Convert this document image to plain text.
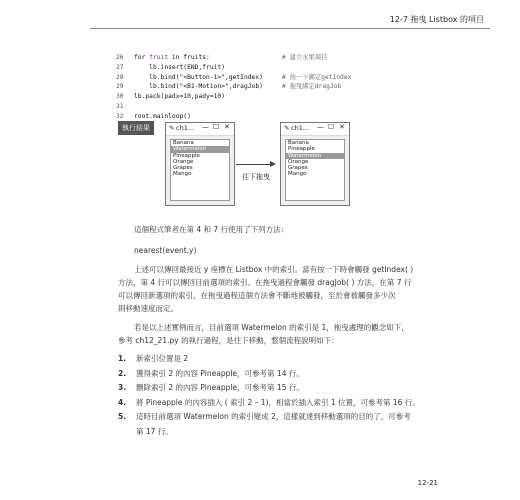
12-7 拖曳 Listbox 的項目
26 for fruit in fruits:	# 建立水果項目
27    lb.insert(END,fruit)
28    lb.bind("<Button-1>",getIndex)	# 按一下綁定getIndex
29    lb.bind("<B1-Motion>",dragJob)	# 拖曳綁定dragJob
30 lb.pack(padx=10,pady=10)
31
32 root.mainloop()
執行結果	✎ ch1... — ☐ ✕
Banana
Watermelon
Pineapple
Orange
Grapes
Mango	往下拖曳
✎ ch1... — ☐ ✕
Banana
Pineapple
Watermelon
Orange
Grapes
Mango
這個程式筆者在第 4 和 7 行使用了下列方法：
nearest(event.y)
上述可以傳回最接近 y 座標在 Listbox 中的索引。當有按一下時會觸發 getIndex( )
方法，第 4 行可以傳回目前選項的索引。在拖曳過程會觸發 dragJob( ) 方法，在第 7 行
可以傳回新選項的索引，在拖曳過程這個方法會不斷地被觸發，至於會被觸發多少次
則移動速度而定。
若是以上述實例而言，目前選項 Watermelon 的索引是 1，拖曳處理的觀念如下，
參考 ch12_21.py 的執行過程，是往下移動，整個流程說明如下：
1. 新索引位置是 2
2. 獲得索引 2 的內容 Pineapple，可參考第 14 行。
3. 刪除索引 2 的內容 Pineapple，可參考第 15 行。
4. 將 Pineapple 的內容插入 ( 索引 2 – 1)，相當於插入索引 1 位置，可參考第 16 行。
5. 這時目前選項 Watermelon 的索引變成 2，這樣就達到移動選項的目的了，可參考
第 17 行。
12-21
